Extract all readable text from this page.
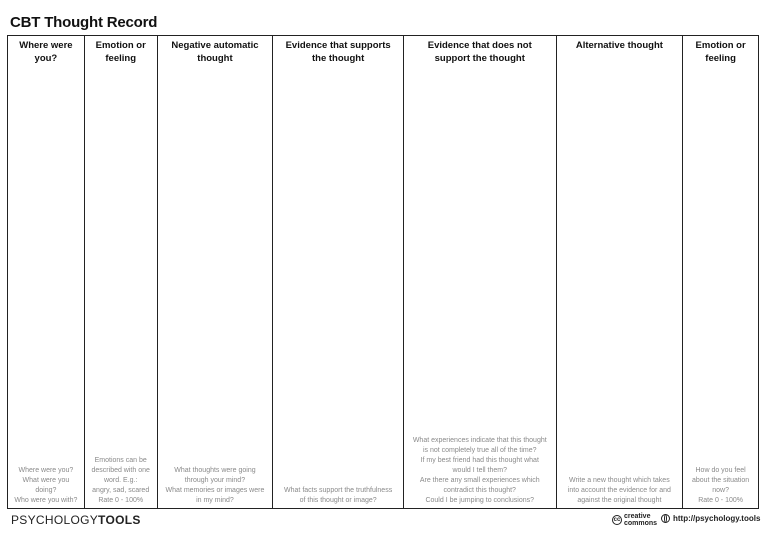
CBT Thought Record
Where were
you?
Where were you?
What were you
doing?
Who were you with?
Emotion or
feeling
Emotions can be
described with one
word. E.g.:
angry, sad, scared
Rate 0 - 100%
Negative automatic
thought
What thoughts were going
through your mind?
What memories or images were
in my mind?
Evidence that supports
the thought
What facts support the truthfulness
of this thought or image?
Evidence that does not
support the thought
What experiences indicate that this thought
is not completely true all of the time?
If my best friend had this thought what
would I tell them?
Are there any small experiences which
contradict this thought?
Could I be jumping to conclusions?
Alternative thought
Write a new thought which takes
into account the evidence for and
against the original thought
Emotion or
feeling
How do you feel
about the situation
now?
Rate 0 - 100%
PSYCHOLOGYTOOLS	cc creative
commons
http://psychology.tools
